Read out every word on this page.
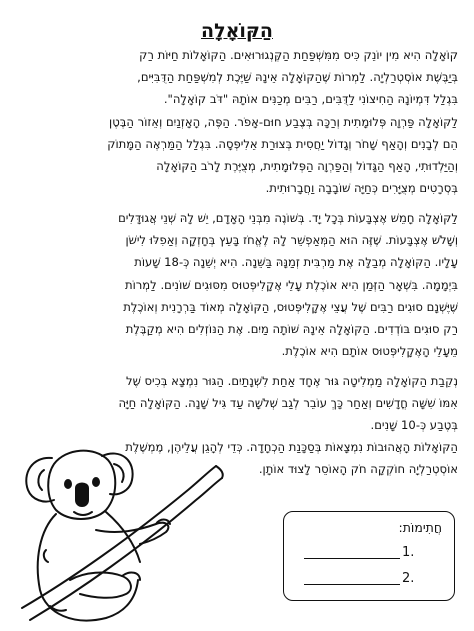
הַקּוֹאָלָה
קוֹאָלָה הִיא מִין יוֹנֵק כִּיס מִמִּשְׁפַּחַת הַקֶּנְגוּרוּאִים. הַקּוֹאָלוֹת חַיּוֹת רַק
בְּיַבֶּשֶׁת אוֹסְטְרַלְיָה. לַמְרוֹת שֶׁהַקּוֹאָלָה אֵינָהּ שַׁיֶּכֶת לְמִשְׁפַּחַת הַדֻּבִּיִּים,
בִּגְלַל דִּמְיוֹנָהּ הַחִיצוֹנִי לַדֻּבִּים, רַבִּים מְכַנִּים אוֹתָהּ "דֹּב קוֹאָלָה".
לַקּוֹאָלָה פַּרְוָה פְּלוּמָתִית וְרַכָּה בְּצֶבַע חוּם-אָפֹר. הַפֶּה, הָאָזְנַיִם וְאֵזוֹר הַבֶּטֶן
הֵם לְבָנִים וְהָאַף שָׁחֹר וְגָדוֹל יַחֲסִית בְּצוּרַת אֵלִיפְּסָה. בִּגְלַל הַמַּרְאֶה הַמָּתוֹק
וְהַיַּלְדוּתִי, הָאַף הַגָּדוֹל וְהַפַּרְוָה הַפְּלוּמָתִית, מְצֻיֶּרֶת לָרֹב הַקּוֹאָלָה
בְּסְרָטִים מְצֻיָּרִים כְּחַיָּה שׁוֹבָבָה וַחֲבָרוּתִית.
לַקּוֹאָלָה חָמֵשׁ אֶצְבָּעוֹת בְּכָל יָד. בְּשׁוֹנֶה מִבְּנֵי הָאָדָם, יֵשׁ לָהּ שְׁנֵי אֲגוּדָּלִים
וְשָׁלֹשׁ אֶצְבָּעוֹת. שֶׁזֶּה הוּא הַמְּאַפְשֵׁר לָהּ לֶאֱחֹז בָּעֵץ בְּחָזְקָה וְאַפִלּוּ לִישֹׁן
עָלָיו. הַקּוֹאָלָה מְבַלָּה אֶת מַרְבִּית זְמַנָּהּ בַּשֵּׁנָה. הִיא יְשֵׁנָה כְּ-18 שָׁעוֹת
בִּיְמָמָה. בִּשְׁאָר הַזְּמַן הִיא אוֹכֶלֶת עָלֵי אֶקָלִיפְּטוּס מִסּוּגִים שׁוֹנִים. לַמְרוֹת
שֶׁיֶּשְׁנָם סוּגִים רַבִּים שֶׁל עֲצֵי אֶקָלִיפְּטוּס, הַקּוֹאָלָה מְאוֹד בַּרְרָנִית וְאוֹכֶלֶת
רַק סוּגִים בּוֹדְדִים. הַקּוֹאָלָה אֵינָהּ שׁוֹתָה מַיִם. אֶת הַנּוֹזְלִים הִיא מְקַבֶּלֶת
מֵעָלֵי הָאֶקָלִיפְּטוּס אוֹתָם הִיא אוֹכֶלֶת.
נְקֵבַת הַקּוֹאָלָה מַמְלִיטָה גּוּר אֶחָד אַחַת לִשְׁנָתַיִם. הַגּוּר נִמְצָא בְּכִיס שֶׁל
אִמּוֹ שִׁשָּׁה חֳדָשִׁים וְאַחַר כָּךְ עוֹבֵר לְגַב שְׁלֹשָׁה עַד גִּיל שָׁנָה. הַקּוֹאָלָה חַיָּה
בְּטֶבַע כְּ-10 שָׁנִים.
הַקּוֹאָלוֹת הָאֲהוּבוֹת נִמְצָאוֹת בְּסַכָּנַת הַכְחָדָה. כְּדֵי לְהָגֵן עֲלֵיהֶן, מֶמְשֶׁלֶת
אוֹסְטְרַלְיָה חוֹקְקָה חֹק הָאוֹסֵר לָצוּד אוֹתָן.
חֲתִימוֹת:
1.
2.
